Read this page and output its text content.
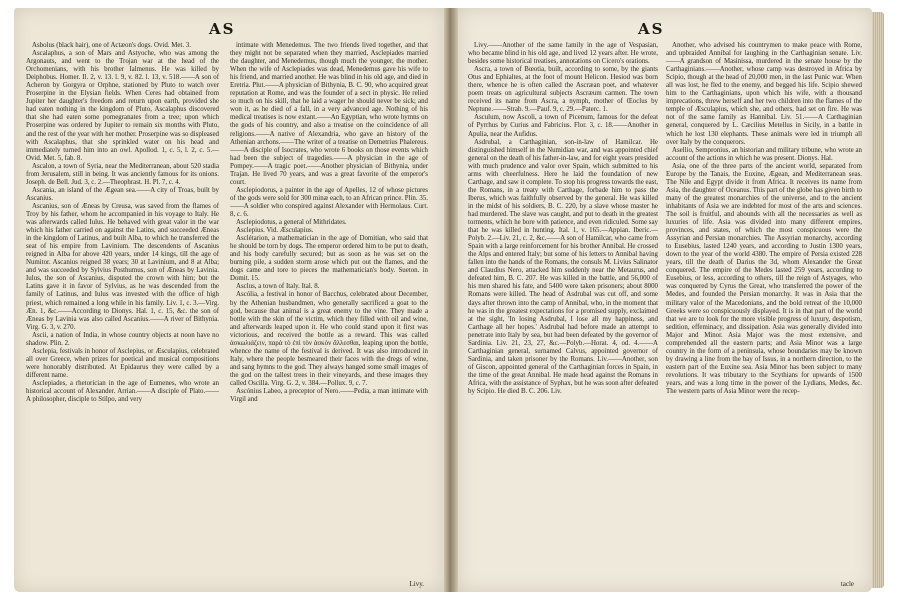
AS

Asbolus (black hair), one of Actæon's dogs. Ovid. Met. 3.

Ascalaphus, a son of Mars and Astyoche, who was among the Argonauts, and went to the Trojan war at the head of the Orchomenians, with his brother Ialmenus. He was killed by Deiphobus. Homer. Il. 2, v. 13. l. 9, v. 82. l. 13, v. 518.——A son of Acheron by Gorgyra or Orphne, stationed by Pluto to watch over Proserpine in the Elysian fields. When Ceres had obtained from Jupiter her daughter's freedom and return upon earth, provided she had eaten nothing in the kingdom of Pluto, Ascalaphus discovered that she had eaten some pomegranates from a tree; upon which Proserpine was ordered by Jupiter to remain six months with Pluto, and the rest of the year with her mother. Proserpine was so displeased with Ascalaphus, that she sprinkled water on his head and immediately turned him into an owl. Apollod. 1, c. 5, l. 2, c. 5.—Ovid. Met. 5, fab. 8.

Ascalon, a town of Syria, near the Mediterranean, about 520 stadia from Jerusalem, still in being. It was anciently famous for its onions. Joseph. de Bell. Jud. 3, c. 2.—Theophrast. H. Pl. 7, c. 4.

Ascania, an island of the Ægean sea.——A city of Troas, built by Ascanius.

Ascanius, son of Æneas by Creusa, was saved from the flames of Troy by his father, whom he accompanied in his voyage to Italy. He was afterwards called Iulus. He behaved with great valor in the war which his father carried on against the Latins, and succeeded Æneas in the kingdom of Latinus, and built Alba, to which he transferred the seat of his empire from Lavinium. The descendents of Ascanius reigned in Alba for above 420 years, under 14 kings, till the age of Numitor. Ascanius reigned 38 years; 30 at Lavinium, and 8 at Alba; and was succeeded by Sylvius Posthumus, son of Æneas by Lavinia. Iulus, the son of Ascanius, disputed the crown with him; but the Latins gave it in favor of Sylvius, as he was descended from the family of Latinus, and Iulus was invested with the office of high priest, which remained a long while in his family. Liv. 1, c. 3.—Virg. Æn. 1, &c.——According to Dionys. Hal. 1, c. 15, &c. the son of Æneas by Lavinia was also called Ascanius.——A river of Bithynia. Virg. G. 3, v. 270.

Ascii, a nation of India, in whose country objects at noon have no shadow. Plin. 2.

Asclepia, festivals in honor of Asclepius, or Æsculapius, celebrated all over Greece, when prizes for poetical and musical compositions were honorably distributed. At Epidaurus they were called by a different name.

Asclepiades, a rhetorician in the age of Eumenes, who wrote an historical account of Alexander. Arrian.——A disciple of Plato.——A philosopher, disciple to Stilpo, and very

intimate with Menedemus. The two friends lived together, and that they might not be separated when they married, Asclepiades married the daughter, and Menedemus, though much the younger, the mother. When the wife of Asclepiades was dead, Menedemus gave his wife to his friend, and married another. He was blind in his old age, and died in Eretria. Plut.——A physician of Bithynia, B. C. 90, who acquired great reputation at Rome, and was the founder of a sect in physic. He relied so much on his skill, that he laid a wager he should never be sick; and won it, as he died of a fall, in a very advanced age. Nothing of his medical treatises is now extant.——An Egyptian, who wrote hymns on the gods of his country, and also a treatise on the coincidence of all religions.——A native of Alexandria, who gave an history of the Athenian archons.——The writer of a treatise on Demetrius Phalereus.——A disciple of Isocrates, who wrote 6 books on those events which had been the subject of tragedies.——A physician in the age of Pompey.——A tragic poet.——Another physician of Bithynia, under Trajan. He lived 70 years, and was a great favorite of the emperor's court.

Asclepiodorus, a painter in the age of Apelles, 12 of whose pictures of the gods were sold for 300 minæ each, to an African prince. Plin. 35.——A soldier who conspired against Alexander with Hermolaus. Curt. 8, c. 6.

Asclepiodotus, a general of Mithridates.

Asclepius. Vid. Æsculapius.

Asclétarion, a mathematician in the age of Domitian, who said that he should be torn by dogs. The emperor ordered him to be put to death, and his body carefully secured; but as soon as he was set on the burning pile, a sudden storm arose which put out the flames, and the dogs came and tore to pieces the mathematician's body. Sueton. in Domit. 15.

Asclus, a town of Italy. Ital. 8.

Ascólia, a festival in honor of Bacchus, celebrated about December, by the Athenian husbandmen, who generally sacrificed a goat to the god, because that animal is a great enemy to the vine. They made a bottle with the skin of the victim, which they filled with oil and wine, and afterwards leaped upon it. He who could stand upon it first was victorious, and received the bottle as a reward. This was called ἀσκωλιάζειν, παρὰ τὸ ἐπὶ τὸν ἀσκὸν ἄλλεσθαι, leaping upon the bottle, whence the name of the festival is derived. It was also introduced in Italy, where the people besmeared their faces with the dregs of wine, and sang hymns to the god. They always hanged some small images of the god on the tallest trees in their vineyards, and these images they called Oscilla. Virg. G. 2, v. 384.—Pollux. 9, c. 7.

Ascónius Labeo, a preceptor of Nero.——Pedia, a man intimate with Virgil and

Livy.
AS

Livy.——Another of the same family in the age of Vespasian, who became blind in his old age, and lived 12 years after. He wrote, besides some historical treatises, annotations on Cicero's orations.

Ascra, a town of Bœotia, built, according to some, by the giants Otus and Ephialtes, at the foot of mount Helicon. Hesiod was born there, whence he is often called the Ascræan poet, and whatever poem treats on agricultural subjects Ascræum carmen. The town received its name from Ascra, a nymph, mother of Œoclus by Neptune.——Strab. 9.—Pauf. 9, c. 29.—Paterc. 1.

Asculum, now Ascoli, a town of Picenum, famous for the defeat of Pyrrhus by Curius and Fabricius. Flor. 3, c. 18.——Another in Apulia, near the Aufidus.

Asdrubal, a Carthaginian, son-in-law of Hamilcar. He distinguished himself in the Numidian war, and was appointed chief general on the death of his father-in-law, and for eight years presided with much prudence and valor over Spain, which submitted to his arms with cheerfulness. Here he laid the foundation of new Carthage, and saw it complete. To stop his progress towards the east, the Romans, in a treaty with Carthage, forbade him to pass the Iberus, which was faithfully observed by the general. He was killed in the midst of his soldiers, B. C. 220, by a slave whose master he had murdered. The slave was caught, and put to death in the greatest torments, which he bore with patience, and even ridiculed. Some say that he was killed in hunting. Ital. 1, v. 165.—Appian. Iberic.—Polyb. 2.—Liv. 21, c. 2, &c.——A son of Hamilcar, who came from Spain with a large reinforcement for his brother Annibal. He crossed the Alps and entered Italy; but some of his letters to Annibal having fallen into the hands of the Romans, the consuls M. Livius Salinator and Claudius Nero, attacked him suddenly near the Metaurus, and defeated him, B. C. 207. He was killed in the battle, and 56,000 of his men shared his fate, and 5400 were taken prisoners; about 8000 Romans were killed. The head of Asdrubal was cut off, and some days after thrown into the camp of Annibal, who, in the moment that he was in the greatest expectations for a promised supply, exclaimed at the sight, 'In losing Asdrubal, I lose all my happiness, and Carthage all her hopes.' Asdrubal had before made an attempt to penetrate into Italy by sea, but had been defeated by the governor of Sardinia. Liv. 21, 23, 27, &c.—Polyb.—Horat. 4, od. 4.——A Carthaginian general, surnamed Calvus, appointed governor of Sardinia, and taken prisoner by the Romans. Liv.——Another, son of Giscon, appointed general of the Carthaginian forces in Spain, in the time of the great Annibal. He made head against the Romans in Africa, with the assistance of Syphax, but he was soon after defeated by Scipio. He died B. C. 206. Liv.

Another, who advised his countrymen to make peace with Rome, and upbraided Annibal for laughing in the Carthaginian senate. Liv.——A grandson of Masinissa, murdered in the senate house by the Carthaginians.——Another, whose camp was destroyed in Africa by Scipio, though at the head of 20,000 men, in the last Punic war. When all was lost, he fled to the enemy, and begged his life. Scipio shewed him to the Carthaginians, upon which his wife, with a thousand imprecations, threw herself and her two children into the flames of the temple of Æsculapius, which she, and others, had set on fire. He was not of the same family as Hannibal. Liv. 51.——A Carthaginian general, conquered by L. Cæcilius Metellus in Sicily, in a battle in which he lost 130 elephants. These animals were led in triumph all over Italy by the conquerors.

Asellio, Sempronius, an historian and military tribune, who wrote an account of the actions in which he was present. Dionys. Hal.

Asia, one of the three parts of the ancient world, separated from Europe by the Tanais, the Euxine, Ægean, and Mediterranean seas. The Nile and Egypt divide it from Africa. It receives its name from Asia, the daughter of Oceanus. This part of the globe has given birth to many of the greatest monarchies of the universe, and to the ancient inhabitants of Asia we are indebted for most of the arts and sciences. The soil is fruitful, and abounds with all the necessaries as well as luxuries of life. Asia was divided into many different empires, provinces, and states, of which the most conspicuous were the Assyrian and Persian monarchies. The Assyrian monarchy, according to Eusebius, lasted 1240 years, and according to Justin 1300 years, down to the year of the world 4380. The empire of Persia existed 228 years, till the death of Darius the 3d, whom Alexander the Great conquered. The empire of the Medes lasted 259 years, according to Eusebius, or less, according to others, till the reign of Astyages, who was conquered by Cyrus the Great, who transferred the power of the Medes, and founded the Persian monarchy. It was in Asia that the military valor of the Macedonians, and the bold retreat of the 10,000 Greeks were so conspicuously displayed. It is in that part of the world that we are to look for the more visible progress of luxury, despotism, sedition, effeminacy, and dissipation. Asia was generally divided into Major and Minor. Asia Major was the most extensive, and comprehended all the eastern parts; and Asia Minor was a large country in the form of a peninsula, whose boundaries may be known by drawing a line from the bay of Issus, in a northern direction, to the eastern part of the Euxine sea. Asia Minor has been subject to many revolutions. It was tributary to the Scythians for upwards of 1500 years, and was a long time in the power of the Lydians, Medes, &c. The western parts of Asia Minor were the recep-

tacle
